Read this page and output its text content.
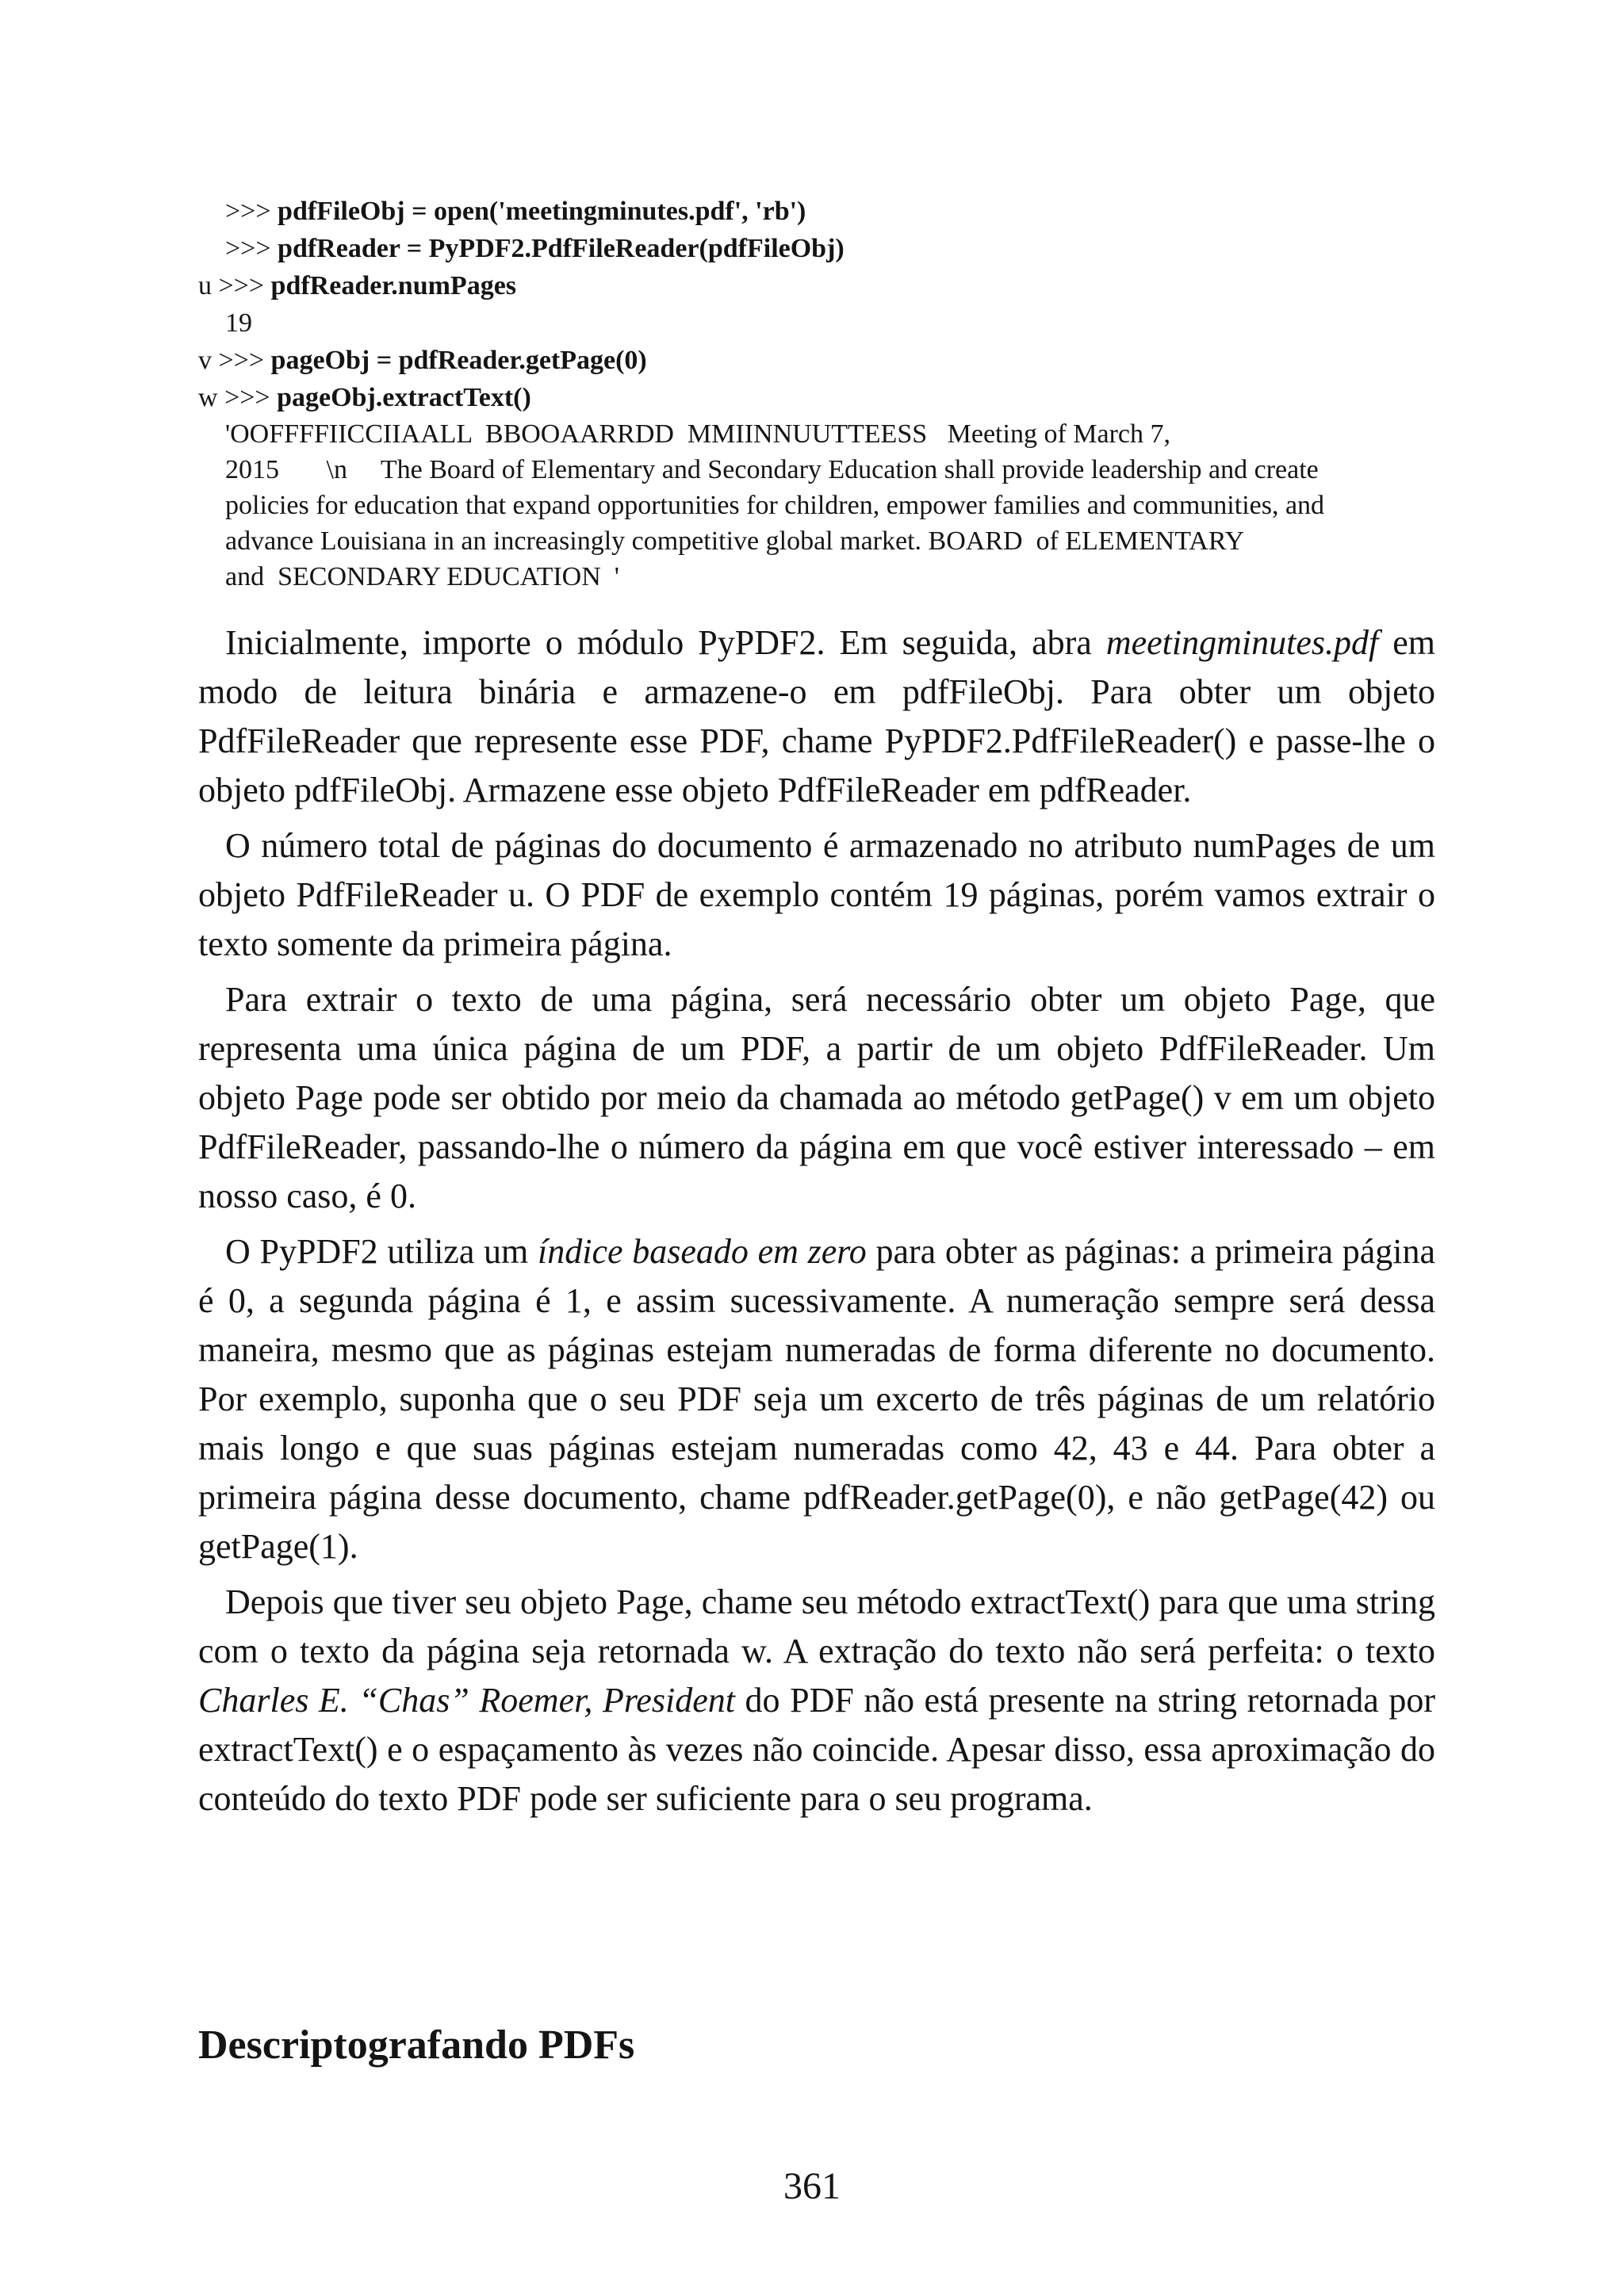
>>> pdfFileObj = open('meetingminutes.pdf', 'rb')
>>> pdfReader = PyPDF2.PdfFileReader(pdfFileObj)
u >>> pdfReader.numPages
19
v >>> pageObj = pdfReader.getPage(0)
w >>> pageObj.extractText()
'OOFFFFIICCIIAALL  BBOOAARRDD  MMIINNUUTTEESS   Meeting of March 7,
2015       \n     The Board of Elementary and Secondary Education shall provide leadership and create
policies for education that expand opportunities for children, empower families and communities, and
advance Louisiana in an increasingly competitive global market. BOARD  of ELEMENTARY
and  SECONDARY EDUCATION  '

Inicialmente, importe o módulo PyPDF2. Em seguida, abra meetingminutes.pdf em modo de leitura binária e armazene-o em pdfFileObj. Para obter um objeto PdfFileReader que represente esse PDF, chame PyPDF2.PdfFileReader() e passe-lhe o objeto pdfFileObj. Armazene esse objeto PdfFileReader em pdfReader.

O número total de páginas do documento é armazenado no atributo numPages de um objeto PdfFileReader u. O PDF de exemplo contém 19 páginas, porém vamos extrair o texto somente da primeira página.

Para extrair o texto de uma página, será necessário obter um objeto Page, que representa uma única página de um PDF, a partir de um objeto PdfFileReader. Um objeto Page pode ser obtido por meio da chamada ao método getPage() v em um objeto PdfFileReader, passando-lhe o número da página em que você estiver interessado – em nosso caso, é 0.

O PyPDF2 utiliza um índice baseado em zero para obter as páginas: a primeira página é 0, a segunda página é 1, e assim sucessivamente. A numeração sempre será dessa maneira, mesmo que as páginas estejam numeradas de forma diferente no documento. Por exemplo, suponha que o seu PDF seja um excerto de três páginas de um relatório mais longo e que suas páginas estejam numeradas como 42, 43 e 44. Para obter a primeira página desse documento, chame pdfReader.getPage(0), e não getPage(42) ou getPage(1).

Depois que tiver seu objeto Page, chame seu método extractText() para que uma string com o texto da página seja retornada w. A extração do texto não será perfeita: o texto Charles E. “Chas” Roemer, President do PDF não está presente na string retornada por extractText() e o espaçamento às vezes não coincide. Apesar disso, essa aproximação do conteúdo do texto PDF pode ser suficiente para o seu programa.

Descriptografando PDFs
361
